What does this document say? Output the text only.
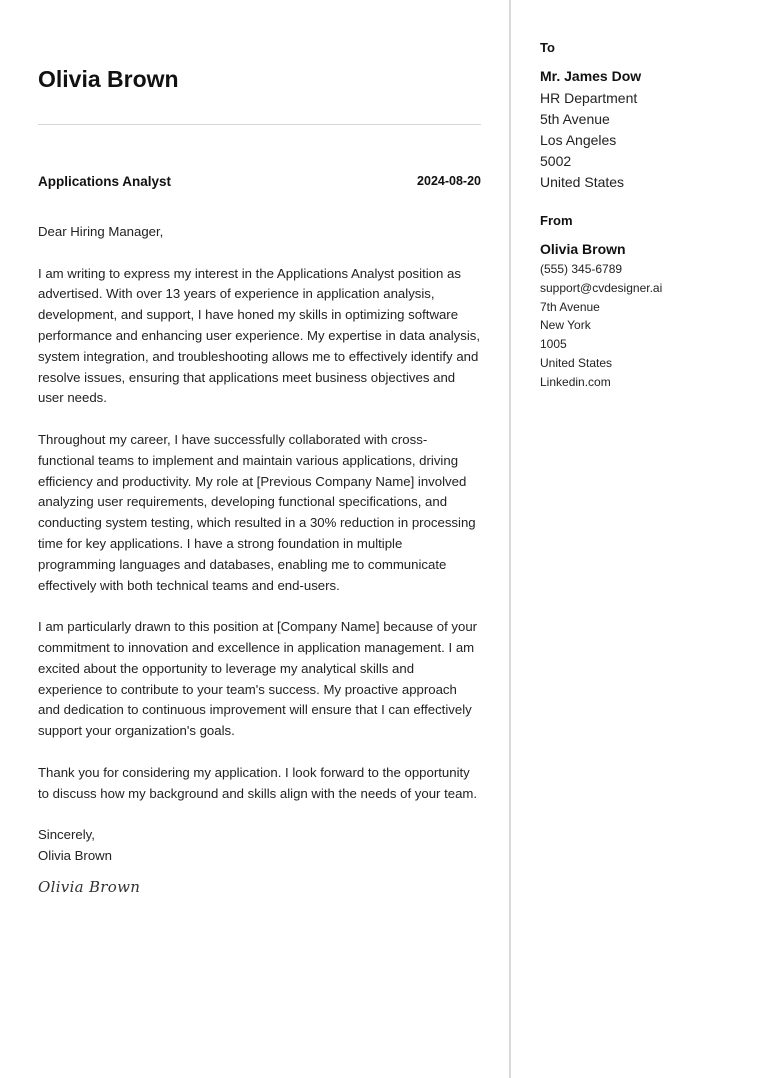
Olivia Brown
Applications Analyst	2024-08-20

Dear Hiring Manager,

I am writing to express my interest in the Applications Analyst position as advertised. With over 13 years of experience in application analysis, development, and support, I have honed my skills in optimizing software performance and enhancing user experience. My expertise in data analysis, system integration, and troubleshooting allows me to effectively identify and resolve issues, ensuring that applications meet business objectives and user needs.

Throughout my career, I have successfully collaborated with cross-functional teams to implement and maintain various applications, driving efficiency and productivity. My role at [Previous Company Name] involved analyzing user requirements, developing functional specifications, and conducting system testing, which resulted in a 30% reduction in processing time for key applications. I have a strong foundation in multiple programming languages and databases, enabling me to communicate effectively with both technical teams and end-users.

I am particularly drawn to this position at [Company Name] because of your commitment to innovation and excellence in application management. I am excited about the opportunity to leverage my analytical skills and experience to contribute to your team's success. My proactive approach and dedication to continuous improvement will ensure that I can effectively support your organization's goals.

Thank you for considering my application. I look forward to the opportunity to discuss how my background and skills align with the needs of your team.

Sincerely,
Olivia Brown
Olivia Brown
To
Mr. James Dow
HR Department
5th Avenue
Los Angeles
5002
United States
From
Olivia Brown
(555) 345-6789
support@cvdesigner.ai
7th Avenue
New York
1005
United States
Linkedin.com
